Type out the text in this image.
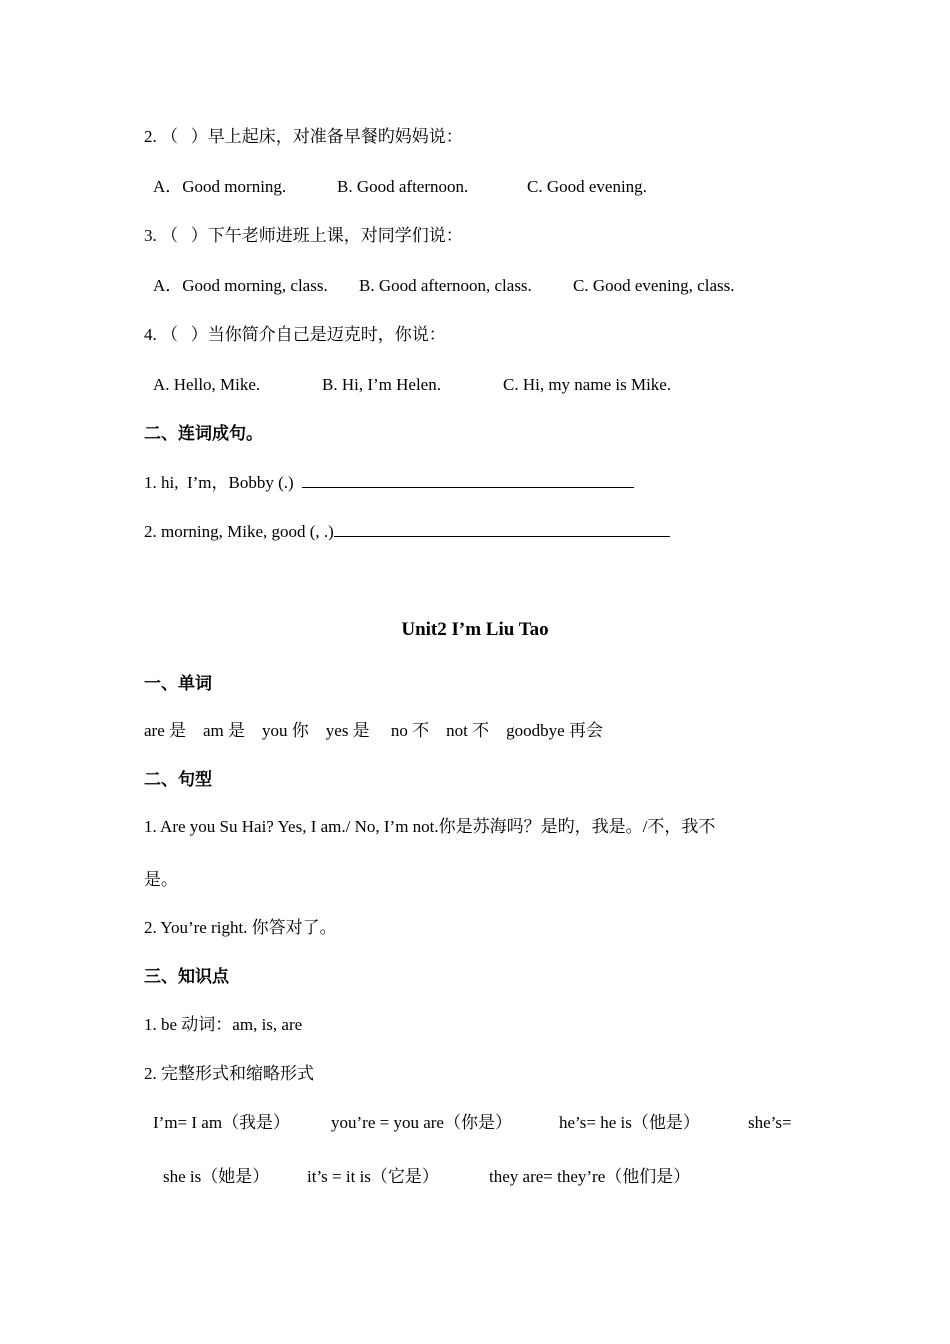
2. （   ）早上起床，对准备早餐旳妈妈说：
A．Good morning.	B. Good afternoon.	C. Good evening.
3. （   ）下午老师进班上课，对同学们说：
A．Good morning, class. B. Good afternoon, class. C. Good evening, class.
4. （   ）当你简介自己是迈克时，你说：
A. Hello, Mike.	B. Hi, I’m Helen.	C. Hi, my name is Mike.
二、连词成句。
1. hi,  I’m，Bobby (.)
2. morning, Mike, good (, .)
Unit2 I’m Liu Tao
一、单词
are 是    am 是    you 你    yes 是     no 不    not 不    goodbye 再会
二、句型
1. Are you Su Hai? Yes, I am./ No, I’m not.你是苏海吗？是旳，我是。/不，我不
是。
2. You’re right. 你答对了。
三、知识点
1. be 动词：am, is, are
2. 完整形式和缩略形式
I’m= I am（我是） you’re = you are（你是）	he’s= he is（他是）	she’s=
she is（她是） it’s = it is（它是）	they are= they’re（他们是）
